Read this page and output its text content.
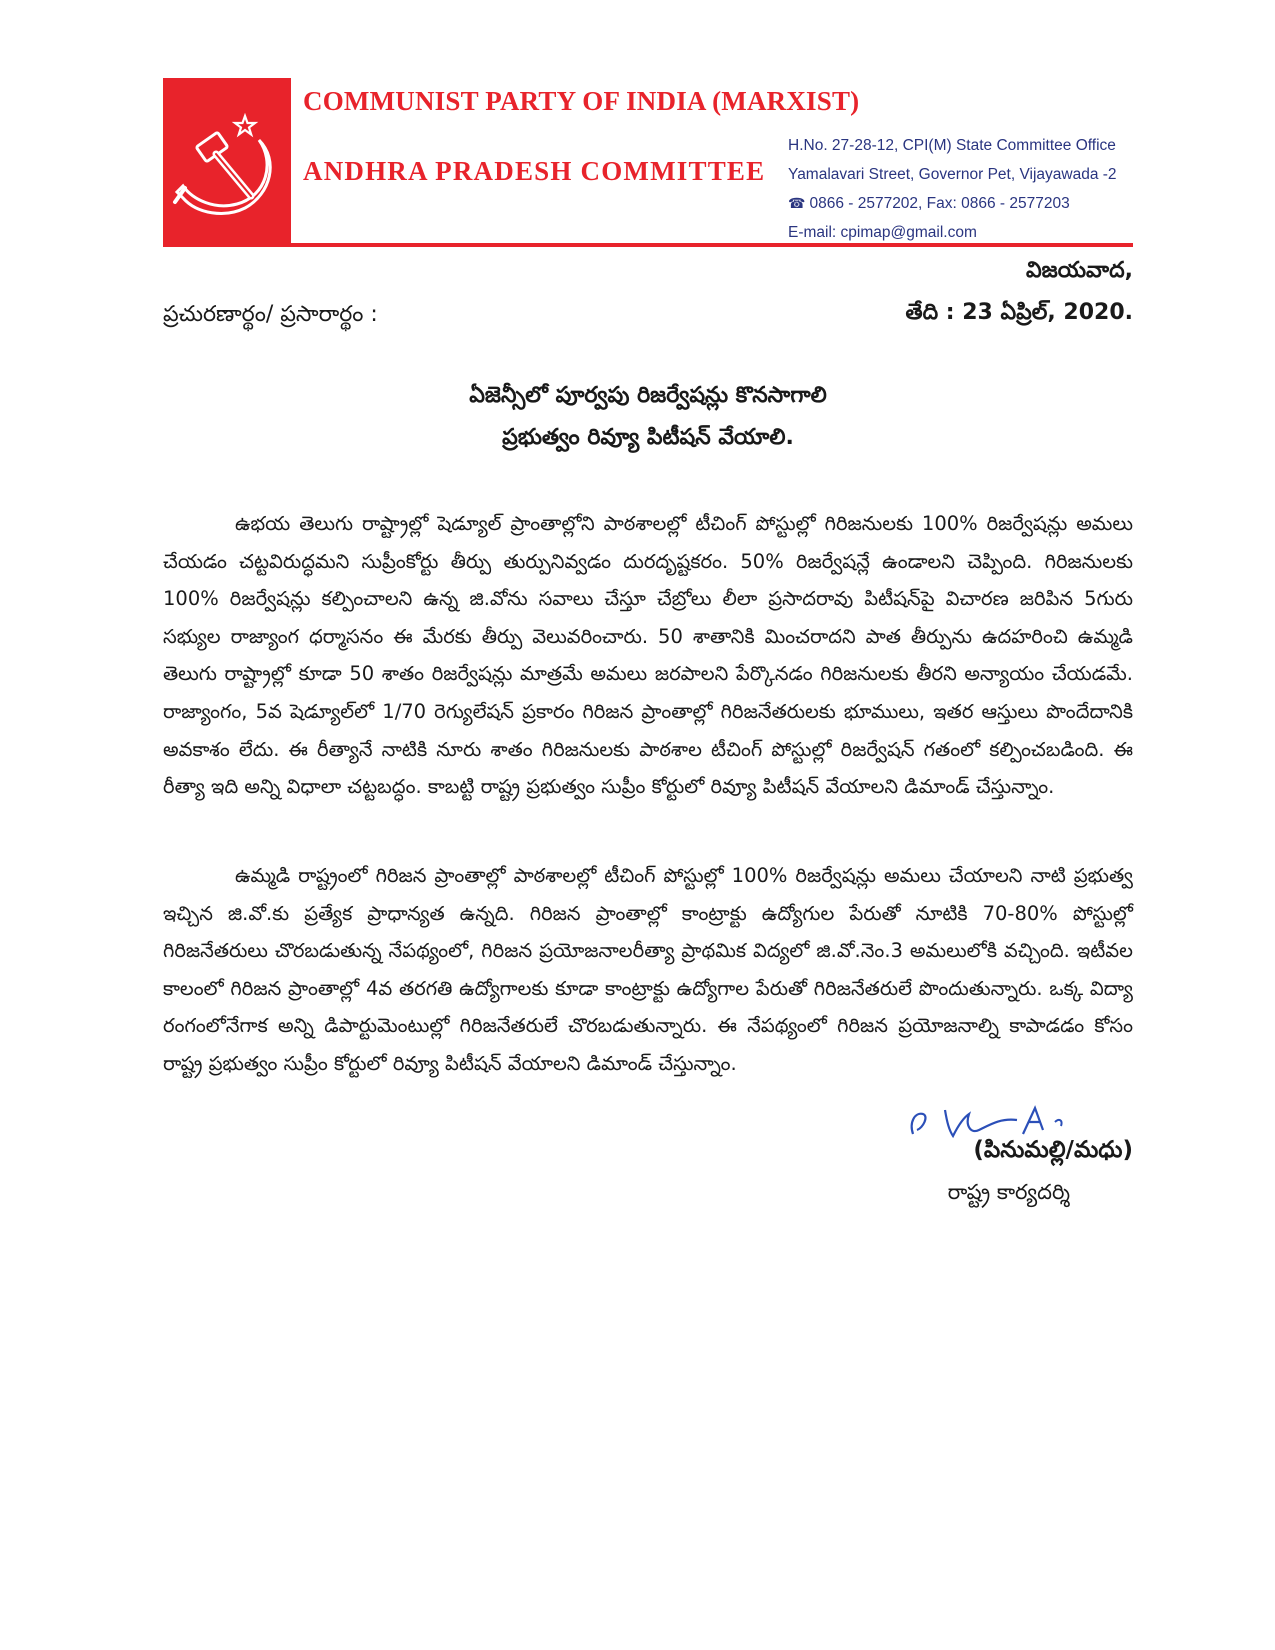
COMMUNIST PARTY OF INDIA (MARXIST)
ANDHRA PRADESH COMMITTEE
H.No. 27-28-12, CPI(M) State Committee Office
Yamalavari Street, Governor Pet, Vijayawada -2
☎ 0866 - 2577202, Fax: 0866 - 2577203
E-mail: cpimap@gmail.com
విజయవాద,
ప్రచురణార్థం/ ప్రసారార్థం :	తేది : 23 ఏప్రిల్, 2020.
ఏజెన్సీలో పూర్వపు రిజర్వేషన్లు కొనసాగాలి
ప్రభుత్వం రివ్యూ పిటీషన్ వేయాలి.

ఉభయ తెలుగు రాష్ట్రాల్లో షెడ్యూల్ ప్రాంతాల్లోని పాఠశాలల్లో టీచింగ్ పోస్టుల్లో గిరిజనులకు 100% రిజర్వేషన్లు అమలు చేయడం చట్టవిరుద్ధమని సుప్రీంకోర్టు తీర్పు తుర్పునివ్వడం దురదృష్టకరం. 50% రిజర్వేషన్లే ఉండాలని చెప్పింది. గిరిజనులకు 100% రిజర్వేషన్లు కల్పించాలని ఉన్న జి.వోను సవాలు చేస్తూ చేబ్రోలు లీలా ప్రసాదరావు పిటీషన్‌పై విచారణ జరిపిన 5గురు సభ్యుల రాజ్యాంగ ధర్మాసనం ఈ మేరకు తీర్పు వెలువరించారు. 50 శాతానికి మించరాదని పాత తీర్పును ఉదహరించి ఉమ్మడి తెలుగు రాష్ట్రాల్లో కూడా 50 శాతం రిజర్వేషన్లు మాత్రమే అమలు జరపాలని పేర్కొనడం గిరిజనులకు తీరని అన్యాయం చేయడమే. రాజ్యాంగం, 5వ షెడ్యూల్‌లో 1/70 రెగ్యులేషన్ ప్రకారం గిరిజన ప్రాంతాల్లో గిరిజనేతరులకు భూములు, ఇతర ఆస్తులు పొందేదానికి అవకాశం లేదు. ఈ రీత్యానే నాటికి నూరు శాతం గిరిజనులకు పాఠశాల టీచింగ్ పోస్టుల్లో రిజర్వేషన్ గతంలో కల్పించబడింది. ఈ రీత్యా ఇది అన్ని విధాలా చట్టబద్ధం. కాబట్టి రాష్ట్ర ప్రభుత్వం సుప్రీం కోర్టులో రివ్యూ పిటీషన్ వేయాలని డిమాండ్ చేస్తున్నాం.

ఉమ్మడి రాష్ట్రంలో గిరిజన ప్రాంతాల్లో పాఠశాలల్లో టీచింగ్ పోస్టుల్లో 100% రిజర్వేషన్లు అమలు చేయాలని నాటి ప్రభుత్వ ఇచ్చిన జి.వో.కు ప్రత్యేక ప్రాధాన్యత ఉన్నది. గిరిజన ప్రాంతాల్లో కాంట్రాక్టు ఉద్యోగుల పేరుతో నూటికి 70-80% పోస్టుల్లో గిరిజనేతరులు చొరబడుతున్న నేపథ్యంలో, గిరిజన ప్రయోజనాలరీత్యా ప్రాథమిక విద్యలో జి.వో.నెం.3 అమలులోకి వచ్చింది. ఇటీవల కాలంలో గిరిజన ప్రాంతాల్లో 4వ తరగతి ఉద్యోగాలకు కూడా కాంట్రాక్టు ఉద్యోగాల పేరుతో గిరిజనేతరులే పొందుతున్నారు. ఒక్క విద్యా రంగంలోనేగాక అన్ని డిపార్టుమెంటుల్లో గిరిజనేతరులే చొరబడుతున్నారు. ఈ నేపథ్యంలో గిరిజన ప్రయోజనాల్ని కాపాడడం కోసం రాష్ట్ర ప్రభుత్వం సుప్రీం కోర్టులో రివ్యూ పిటీషన్ వేయాలని డిమాండ్ చేస్తున్నాం.

(పినుమల్లి/మధు)
రాష్ట్ర కార్యదర్శి
